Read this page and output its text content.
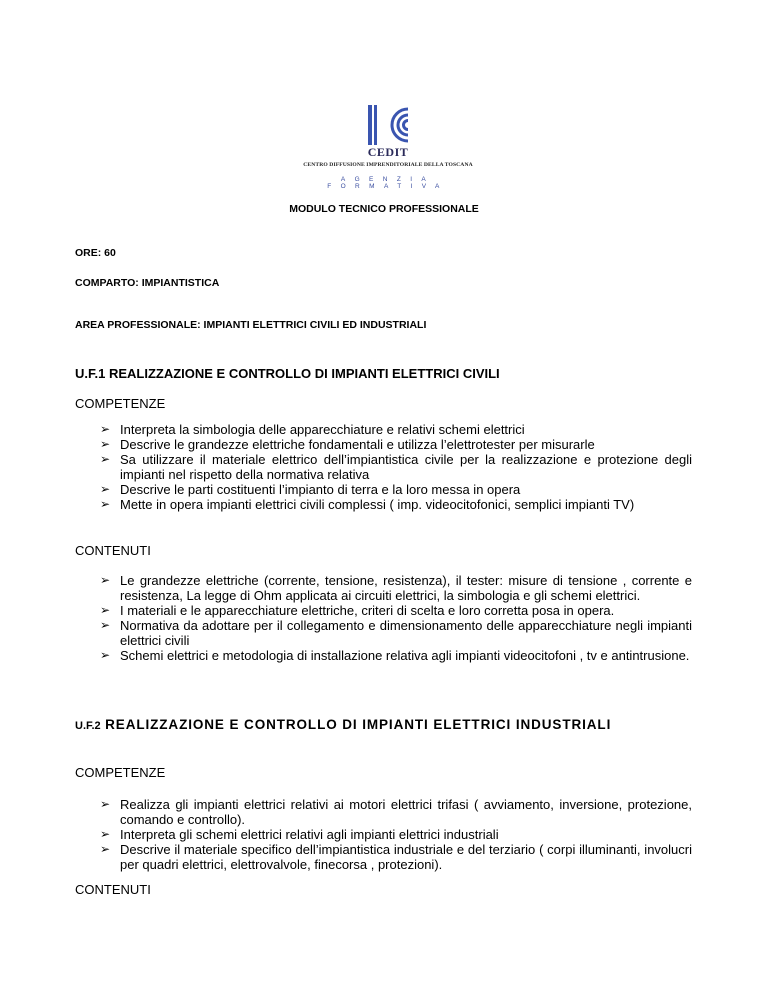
CEDIT
CENTRO DIFFUSIONE IMPRENDITORIALE DELLA TOSCANA
AGENZIA FORMATIVA
MODULO TECNICO PROFESSIONALE
ORE: 60
COMPARTO: IMPIANTISTICA
AREA PROFESSIONALE: IMPIANTI ELETTRICI CIVILI ED INDUSTRIALI
U.F.1 REALIZZAZIONE E CONTROLLO DI IMPIANTI ELETTRICI CIVILI
COMPETENZE
➢ Interpreta la simbologia delle apparecchiature e relativi schemi elettrici
➢ Descrive le grandezze elettriche fondamentali e utilizza l’elettrotester per misurarle
➢ Sa utilizzare il materiale elettrico dell’impiantistica civile per la realizzazione e protezione degli impianti nel rispetto della normativa relativa
➢ Descrive le parti costituenti l’impianto di terra e la loro messa in opera
➢ Mette in opera impianti elettrici civili complessi ( imp. videocitofonici, semplici impianti TV)
CONTENUTI
➢ Le grandezze elettriche (corrente, tensione, resistenza), il tester: misure di tensione , corrente e resistenza, La legge di Ohm applicata ai circuiti elettrici, la simbologia e gli schemi elettrici.
➢ I materiali e le apparecchiature elettriche, criteri di scelta e loro corretta posa in opera.
➢ Normativa da adottare per il collegamento e dimensionamento delle apparecchiature negli impianti elettrici civili
➢ Schemi elettrici e metodologia di installazione relativa agli impianti videocitofoni , tv e antintrusione.
U.F.2 REALIZZAZIONE E CONTROLLO DI IMPIANTI ELETTRICI INDUSTRIALI
COMPETENZE
➢ Realizza gli impianti elettrici relativi ai motori elettrici trifasi ( avviamento, inversione, protezione, comando e controllo).
➢ Interpreta gli schemi elettrici relativi agli impianti elettrici industriali
➢ Descrive il materiale specifico dell’impiantistica industriale e del terziario ( corpi illuminanti, involucri per quadri elettrici, elettrovalvole, finecorsa , protezioni).
CONTENUTI
